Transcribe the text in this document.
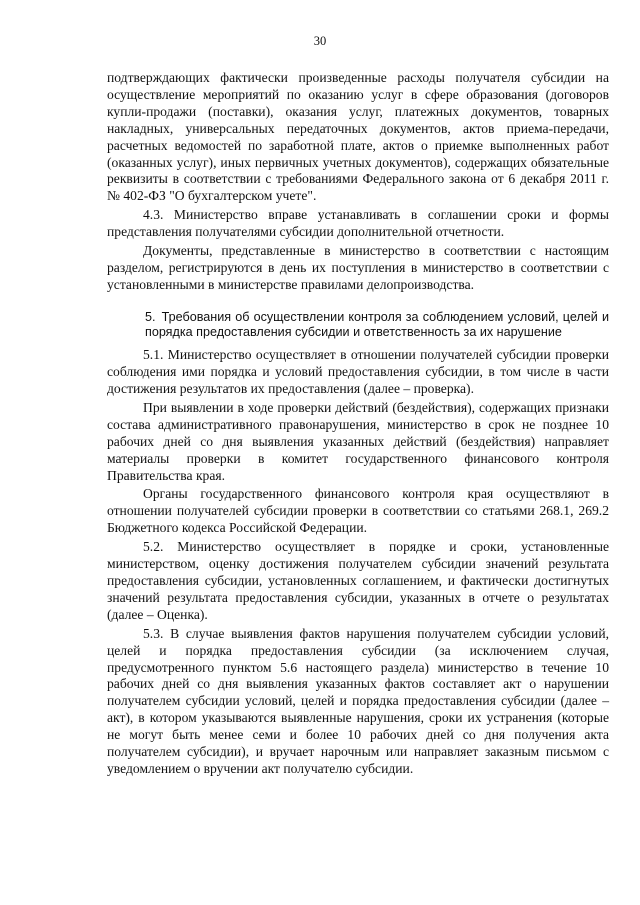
30

подтверждающих фактически произведенные расходы получателя субсидии на осуществление мероприятий по оказанию услуг в сфере образования (договоров купли-продажи (поставки), оказания услуг, платежных документов, товарных накладных, универсальных передаточных документов, актов приема-передачи, расчетных ведомостей по заработной плате, актов о приемке выполненных работ (оказанных услуг), иных первичных учетных документов), содержащих обязательные реквизиты в соответствии с требованиями Федерального закона от 6 декабря 2011 г. № 402-ФЗ "О бухгалтерском учете".

4.3. Министерство вправе устанавливать в соглашении сроки и формы представления получателями субсидии дополнительной отчетности.

Документы, представленные в министерство в соответствии с настоящим разделом, регистрируются в день их поступления в министерство в соответствии с установленными в министерстве правилами делопроизводства.

5. Требования об осуществлении контроля за соблюдением условий, целей и порядка предоставления субсидии и ответственность за их нарушение

5.1. Министерство осуществляет в отношении получателей субсидии проверки соблюдения ими порядка и условий предоставления субсидии, в том числе в части достижения результатов их предоставления (далее – проверка).

При выявлении в ходе проверки действий (бездействия), содержащих признаки состава административного правонарушения, министерство в срок не позднее 10 рабочих дней со дня выявления указанных действий (бездействия) направляет материалы проверки в комитет государственного финансового контроля Правительства края.

Органы государственного финансового контроля края осуществляют в отношении получателей субсидии проверки в соответствии со статьями 268.1, 269.2 Бюджетного кодекса Российской Федерации.

5.2. Министерство осуществляет в порядке и сроки, установленные министерством, оценку достижения получателем субсидии значений результата предоставления субсидии, установленных соглашением, и фактически достигнутых значений результата предоставления субсидии, указанных в отчете о результатах (далее – Оценка).

5.3. В случае выявления фактов нарушения получателем субсидии условий, целей и порядка предоставления субсидии (за исключением случая, предусмотренного пунктом 5.6 настоящего раздела) министерство в течение 10 рабочих дней со дня выявления указанных фактов составляет акт о нарушении получателем субсидии условий, целей и порядка предоставления субсидии (далее – акт), в котором указываются выявленные нарушения, сроки их устранения (которые не могут быть менее семи и более 10 рабочих дней со дня получения акта получателем субсидии), и вручает нарочным или направляет заказным письмом с уведомлением о вручении акт получателю субсидии.
